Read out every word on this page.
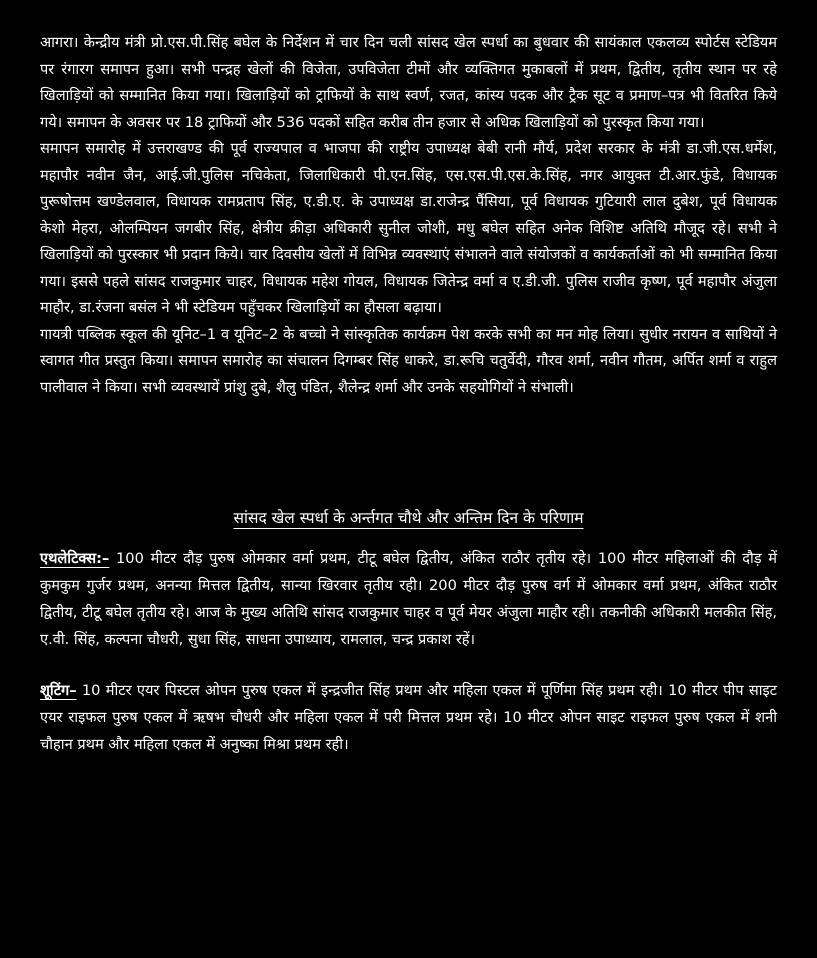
आगरा। केन्द्रीय मंत्री प्रो.एस.पी.सिंह बघेल के निर्देशन में चार दिन चली सांसद खेल स्पर्धा का बुधवार की सायंकाल एकलव्य स्पोर्टस स्टेडियम पर रंगारग समापन हुआ। सभी पन्द्रह खेलों की विजेता, उपविजेता टीमों और व्यक्तिगत मुकाबलों में प्रथम, द्वितीय, तृतीय स्थान पर रहे खिलाड़ियों को सम्मानित किया गया। खिलाड़ियों को ट्राफियों के साथ स्वर्ण, रजत, कांस्य पदक और ट्रैक सूट व प्रमाण–पत्र भी वितरित किये गये। समापन के अवसर पर 18 ट्राफियों और 536 पदकों सहित करीब तीन हजार से अधिक खिलाड़ियों को पुरस्कृत किया गया।

समापन समारोह में उत्तराखण्ड की पूर्व राज्यपाल व भाजपा की राष्ट्रीय उपाध्यक्ष बेबी रानी मौर्य, प्रदेश सरकार के मंत्री डा.जी.एस.धर्मेश, महापौर नवीन जैन, आई.जी.पुलिस नचिकेता, जिलाधिकारी पी.एन.सिंह, एस.एस.पी.एस.के.सिंह, नगर आयुक्त टी.आर.फुंडे, विधायक पुरूषोत्तम खण्डेलवाल, विधायक रामप्रताप सिंह, ए.डी.ए. के उपाध्यक्ष डा.राजेन्द्र पैंसिया, पूर्व विधायक गुटियारी लाल दुबेश, पूर्व विधायक केशो मेहरा, ओलम्पियन जगबीर सिंह, क्षेत्रीय क्रीड़ा अधिकारी सुनील जोशी, मधु बघेल सहित अनेक विशिष्ट अतिथि मौजूद रहे। सभी ने खिलाड़ियों को पुरस्कार भी प्रदान किये। चार दिवसीय खेलों में विभिन्न व्यवस्थाएं संभालने वाले संयोजकों व कार्यकर्ताओं को भी सम्मानित किया गया। इससे पहले सांसद राजकुमार चाहर, विधायक महेश गोयल, विधायक जितेन्द्र वर्मा व ए.डी.जी. पुलिस राजीव कृष्ण, पूर्व महापौर अंजुला माहौर, डा.रंजना बसंल ने भी स्टेडियम पहुँचकर खिलाड़ियों का हौसला बढ़ाया।

गायत्री पब्लिक स्कूल की यूनिट–1 व यूनिट–2 के बच्चो ने सांस्कृतिक कार्यक्रम पेश करके सभी का मन मोह लिया। सुधीर नरायन व साथियों ने स्वागत गीत प्रस्तुत किया। समापन समारोह का संचालन दिगम्बर सिंह धाकरे, डा.रूचि चतुर्वेदी, गौरव शर्मा, नवीन गौतम, अर्पित शर्मा व राहुल पालीवाल ने किया। सभी व्यवस्थायें प्रांशु दुबे, शैलु पंडित, शैलेन्द्र शर्मा और उनके सहयोगियों ने संभाली।

सांसद खेल स्पर्धा के अर्न्तगत चौथे और अन्तिम दिन के परिणाम

एथलेटिक्स:– 100 मीटर दौड़ पुरुष ओमकार वर्मा प्रथम, टीटू बघेल द्वितीय, अंकित राठौर तृतीय रहे। 100 मीटर महिलाओं की दौड़ में कुमकुम गुर्जर प्रथम, अनन्या मित्तल द्वितीय, सान्या खिरवार तृतीय रही। 200 मीटर दौड़ पुरुष वर्ग में ओमकार वर्मा प्रथम, अंकित राठौर द्वितीय, टीटू बघेल तृतीय रहे। आज के मुख्य अतिथि सांसद राजकुमार चाहर व पूर्व मेयर अंजुला माहौर रही। तकनीकी अधिकारी मलकीत सिंह, ए.वी. सिंह, कल्पना चौधरी, सुधा सिंह, साधना उपाध्याय, रामलाल, चन्द्र प्रकाश रहें।

शूटिंग– 10 मीटर एयर पिस्टल ओपन पुरुष एकल में इन्द्रजीत सिंह प्रथम और महिला एकल में पूर्णिमा सिंह प्रथम रही। 10 मीटर पीप साइट एयर राइफल पुरुष एकल में ऋषभ चौधरी और महिला एकल में परी मित्तल प्रथम रहे। 10 मीटर ओपन साइट राइफल पुरुष एकल में शनी चौहान प्रथम और महिला एकल में अनुष्का मिश्रा प्रथम रही।
